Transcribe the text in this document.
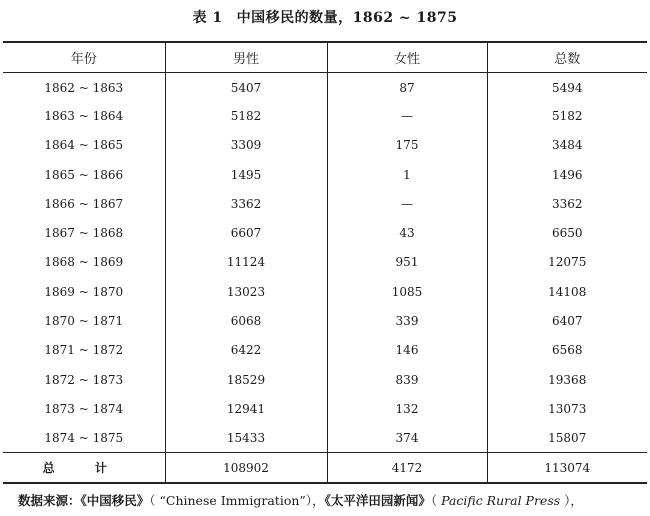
表 1 中国移民的数量，1862 ~ 1875
年份	男性	女性	总数
1862 ~ 1863	5407	87	5494
1863 ~ 1864	5182	—	5182
1864 ~ 1865	3309	175	3484
1865 ~ 1866	1495	1	1496
1866 ~ 1867	3362	—	3362
1867 ~ 1868	6607	43	6650
1868 ~ 1869	11124	951	12075
1869 ~ 1870	13023	1085	14108
1870 ~ 1871	6068	339	6407
1871 ~ 1872	6422	146	6568
1872 ~ 1873	18529	839	19368
1873 ~ 1874	12941	132	13073
1874 ~ 1875	15433	374	15807
总 计	108902	4172	113074
数据来源：《中国移民》（ “Chinese Immigration”），《太平洋田园新闻》（ Pacific Rural Press ），
